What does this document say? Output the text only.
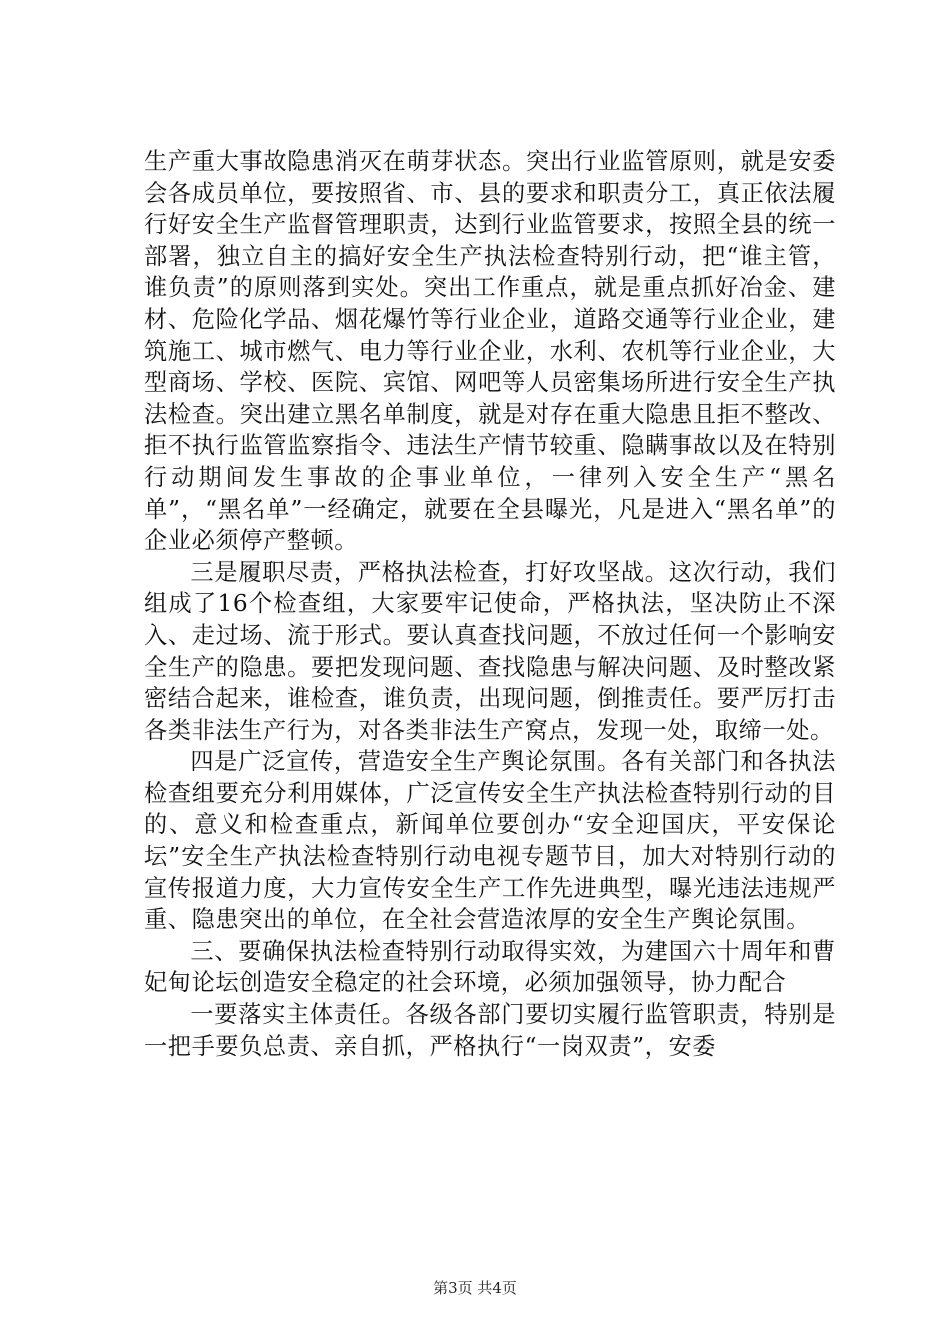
生产重大事故隐患消灭在萌芽状态。突出行业监管原则，就是安委会各成员单位，要按照省、市、县的要求和职责分工，真正依法履行好安全生产监督管理职责，达到行业监管要求，按照全县的统一部署，独立自主的搞好安全生产执法检查特别行动，把“谁主管，谁负责”的原则落到实处。突出工作重点，就是重点抓好冶金、建材、危险化学品、烟花爆竹等行业企业，道路交通等行业企业，建筑施工、城市燃气、电力等行业企业，水利、农机等行业企业，大型商场、学校、医院、宾馆、网吧等人员密集场所进行安全生产执法检查。突出建立黑名单制度，就是对存在重大隐患且拒不整改、拒不执行监管监察指令、违法生产情节较重、隐瞒事故以及在特别行动期间发生事故的企事业单位，一律列入安全生产“黑名单”，“黑名单”一经确定，就要在全县曝光，凡是进入“黑名单”的企业必须停产整顿。

三是履职尽责，严格执法检查，打好攻坚战。这次行动，我们组成了16个检查组，大家要牢记使命，严格执法，坚决防止不深入、走过场、流于形式。要认真查找问题，不放过任何一个影响安全生产的隐患。要把发现问题、查找隐患与解决问题、及时整改紧密结合起来，谁检查，谁负责，出现问题，倒推责任。要严厉打击各类非法生产行为，对各类非法生产窝点，发现一处，取缔一处。

四是广泛宣传，营造安全生产舆论氛围。各有关部门和各执法检查组要充分利用媒体，广泛宣传安全生产执法检查特别行动的目的、意义和检查重点，新闻单位要创办“安全迎国庆，平安保论坛”安全生产执法检查特别行动电视专题节目，加大对特别行动的宣传报道力度，大力宣传安全生产工作先进典型，曝光违法违规严重、隐患突出的单位，在全社会营造浓厚的安全生产舆论氛围。

三、要确保执法检查特别行动取得实效，为建国六十周年和曹妃甸论坛创造安全稳定的社会环境，必须加强领导，协力配合

一要落实主体责任。各级各部门要切实履行监管职责，特别是一把手要负总责、亲自抓，严格执行“一岗双责”，安委

第3页 共4页
